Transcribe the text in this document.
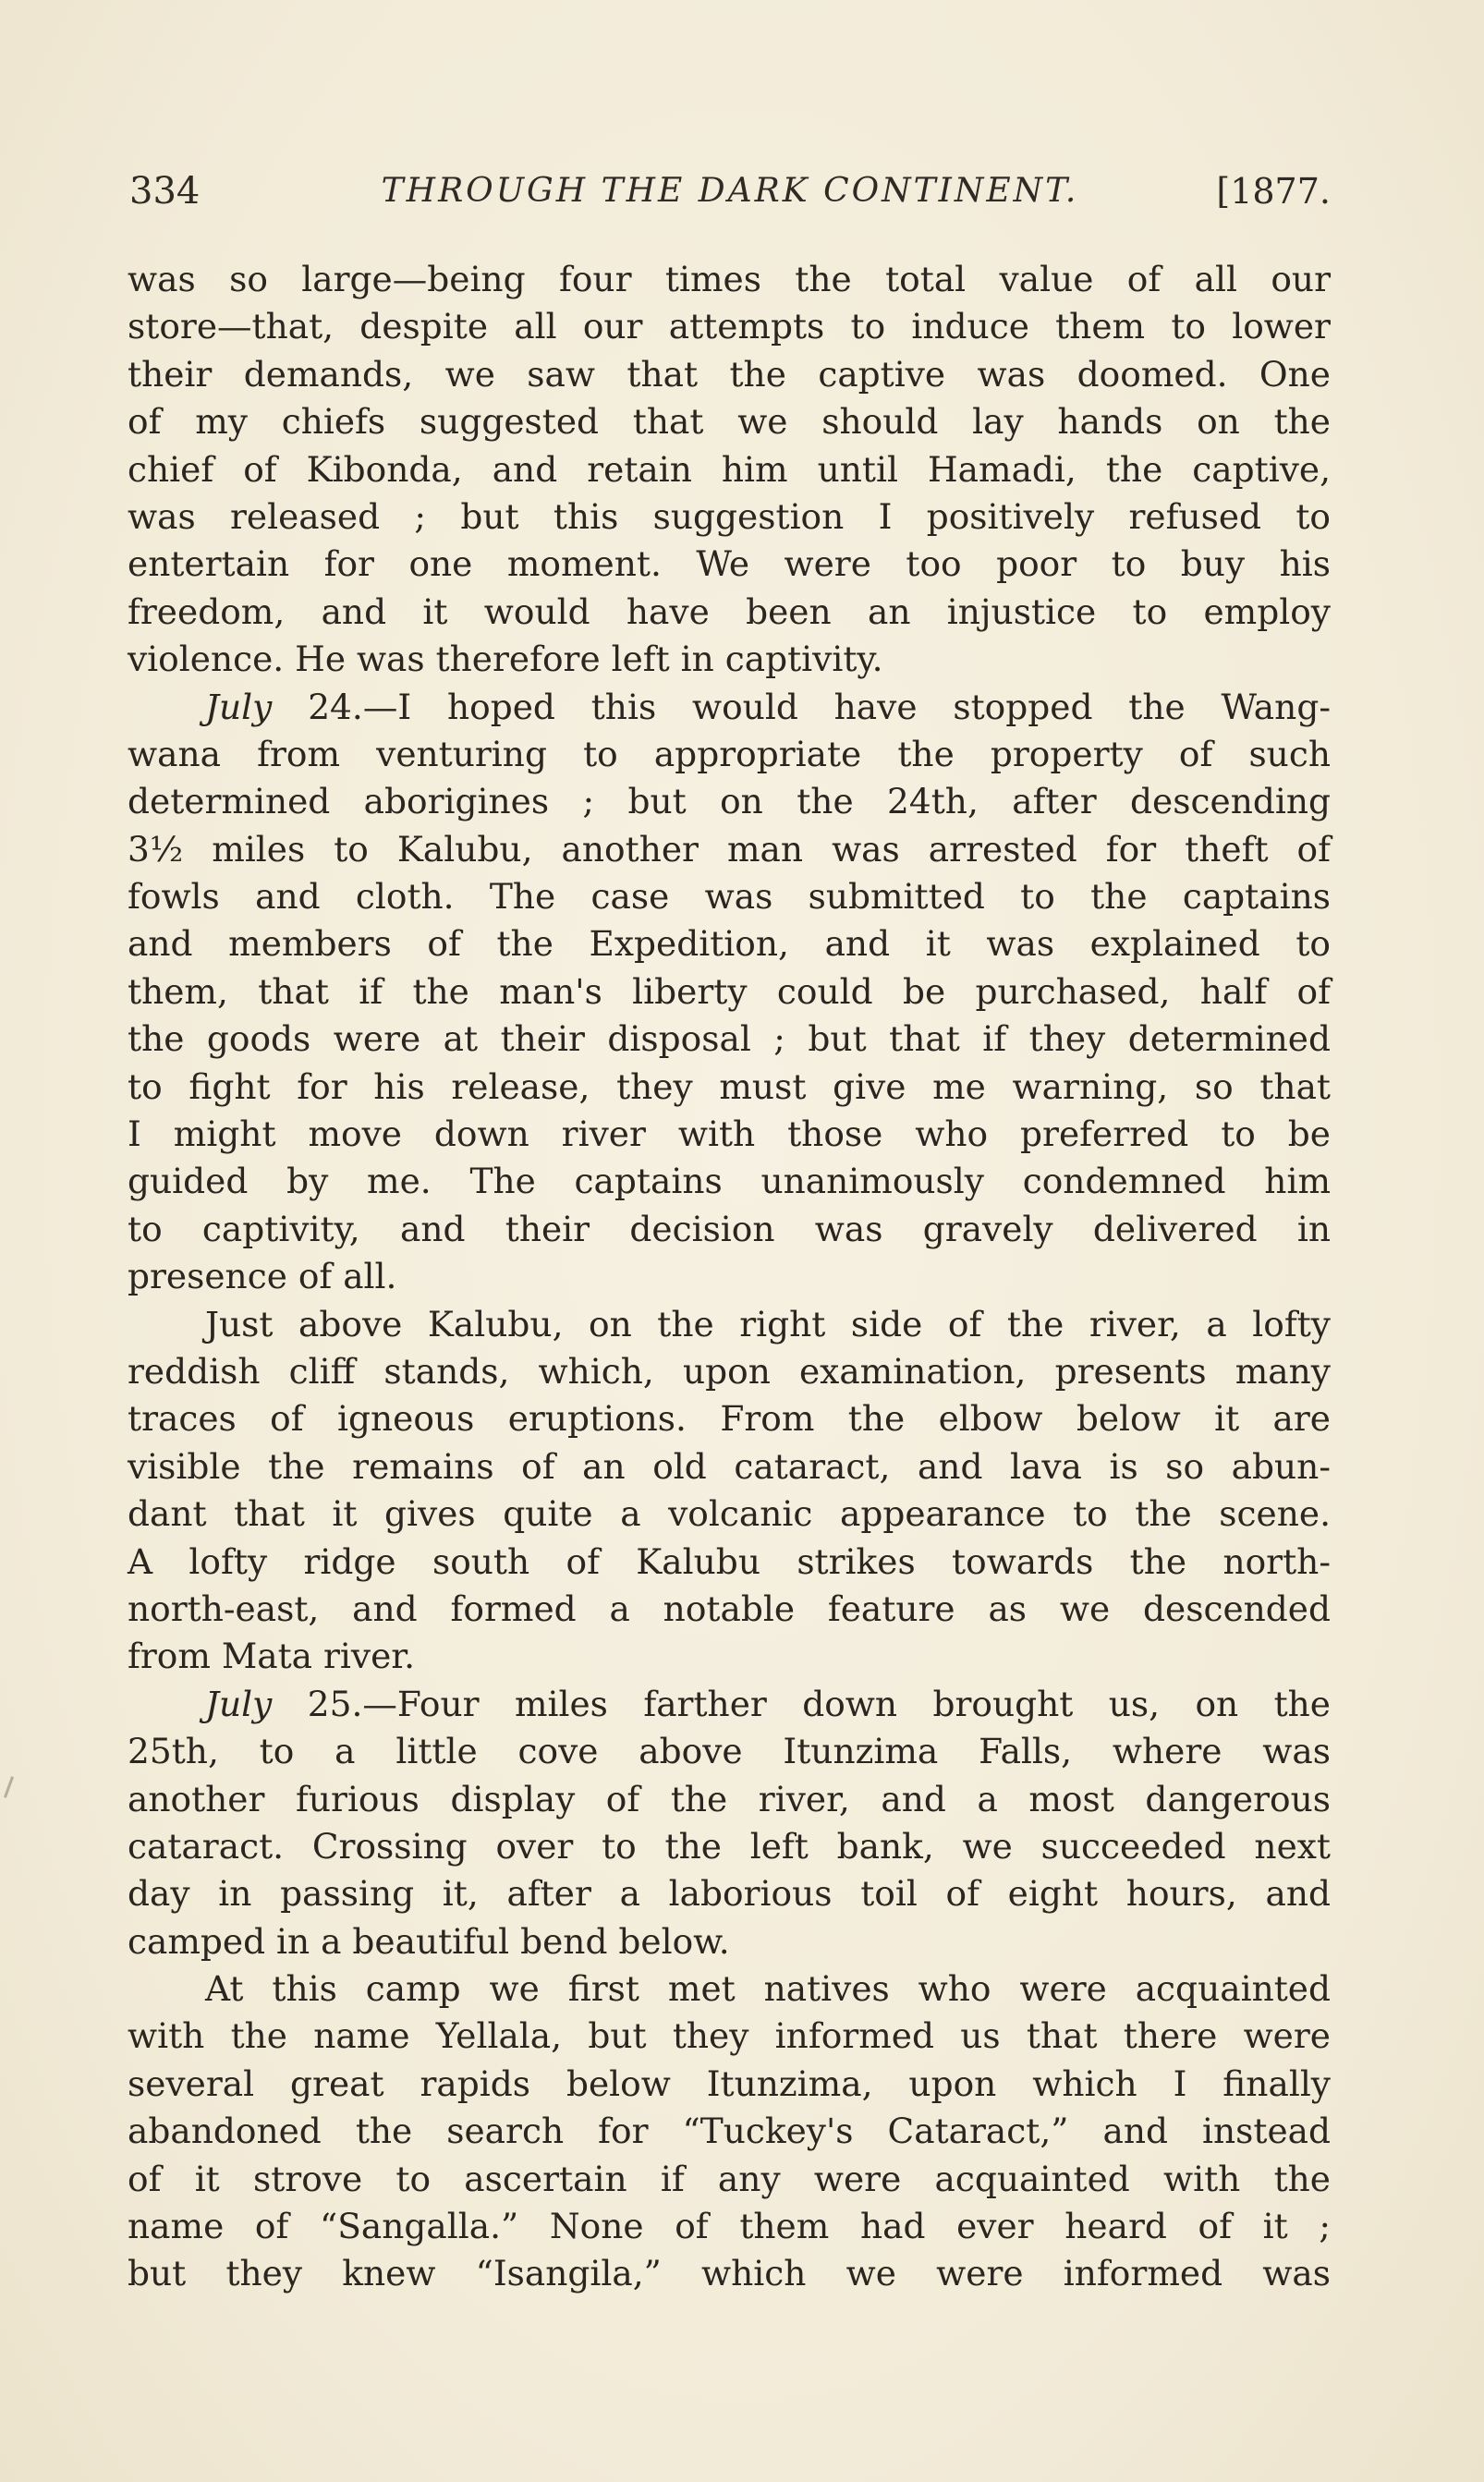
334	THROUGH THE DARK CONTINENT.	[1877.
was so large—being four times the total value of all our
store—that, despite all our attempts to induce them to lower
their demands, we saw that the captive was doomed. One
of my chiefs suggested that we should lay hands on the
chief of Kibonda, and retain him until Hamadi, the captive,
was released ; but this suggestion I positively refused to
entertain for one moment. We were too poor to buy his
freedom, and it would have been an injustice to employ
violence. He was therefore left in captivity.
July 24.—I hoped this would have stopped the Wang-
wana from venturing to appropriate the property of such
determined aborigines ; but on the 24th, after descending
3½ miles to Kalubu, another man was arrested for theft of
fowls and cloth. The case was submitted to the captains
and members of the Expedition, and it was explained to
them, that if the man's liberty could be purchased, half of
the goods were at their disposal ; but that if they determined
to fight for his release, they must give me warning, so that
I might move down river with those who preferred to be
guided by me. The captains unanimously condemned him
to captivity, and their decision was gravely delivered in
presence of all.
Just above Kalubu, on the right side of the river, a lofty
reddish cliff stands, which, upon examination, presents many
traces of igneous eruptions. From the elbow below it are
visible the remains of an old cataract, and lava is so abun-
dant that it gives quite a volcanic appearance to the scene.
A lofty ridge south of Kalubu strikes towards the north-
north-east, and formed a notable feature as we descended
from Mata river.
July 25.—Four miles farther down brought us, on the
25th, to a little cove above Itunzima Falls, where was
another furious display of the river, and a most dangerous
cataract. Crossing over to the left bank, we succeeded next
day in passing it, after a laborious toil of eight hours, and
camped in a beautiful bend below.
At this camp we first met natives who were acquainted
with the name Yellala, but they informed us that there were
several great rapids below Itunzima, upon which I finally
abandoned the search for “Tuckey's Cataract,” and instead
of it strove to ascertain if any were acquainted with the
name of “Sangalla.” None of them had ever heard of it ;
but they knew “Isangila,” which we were informed was
